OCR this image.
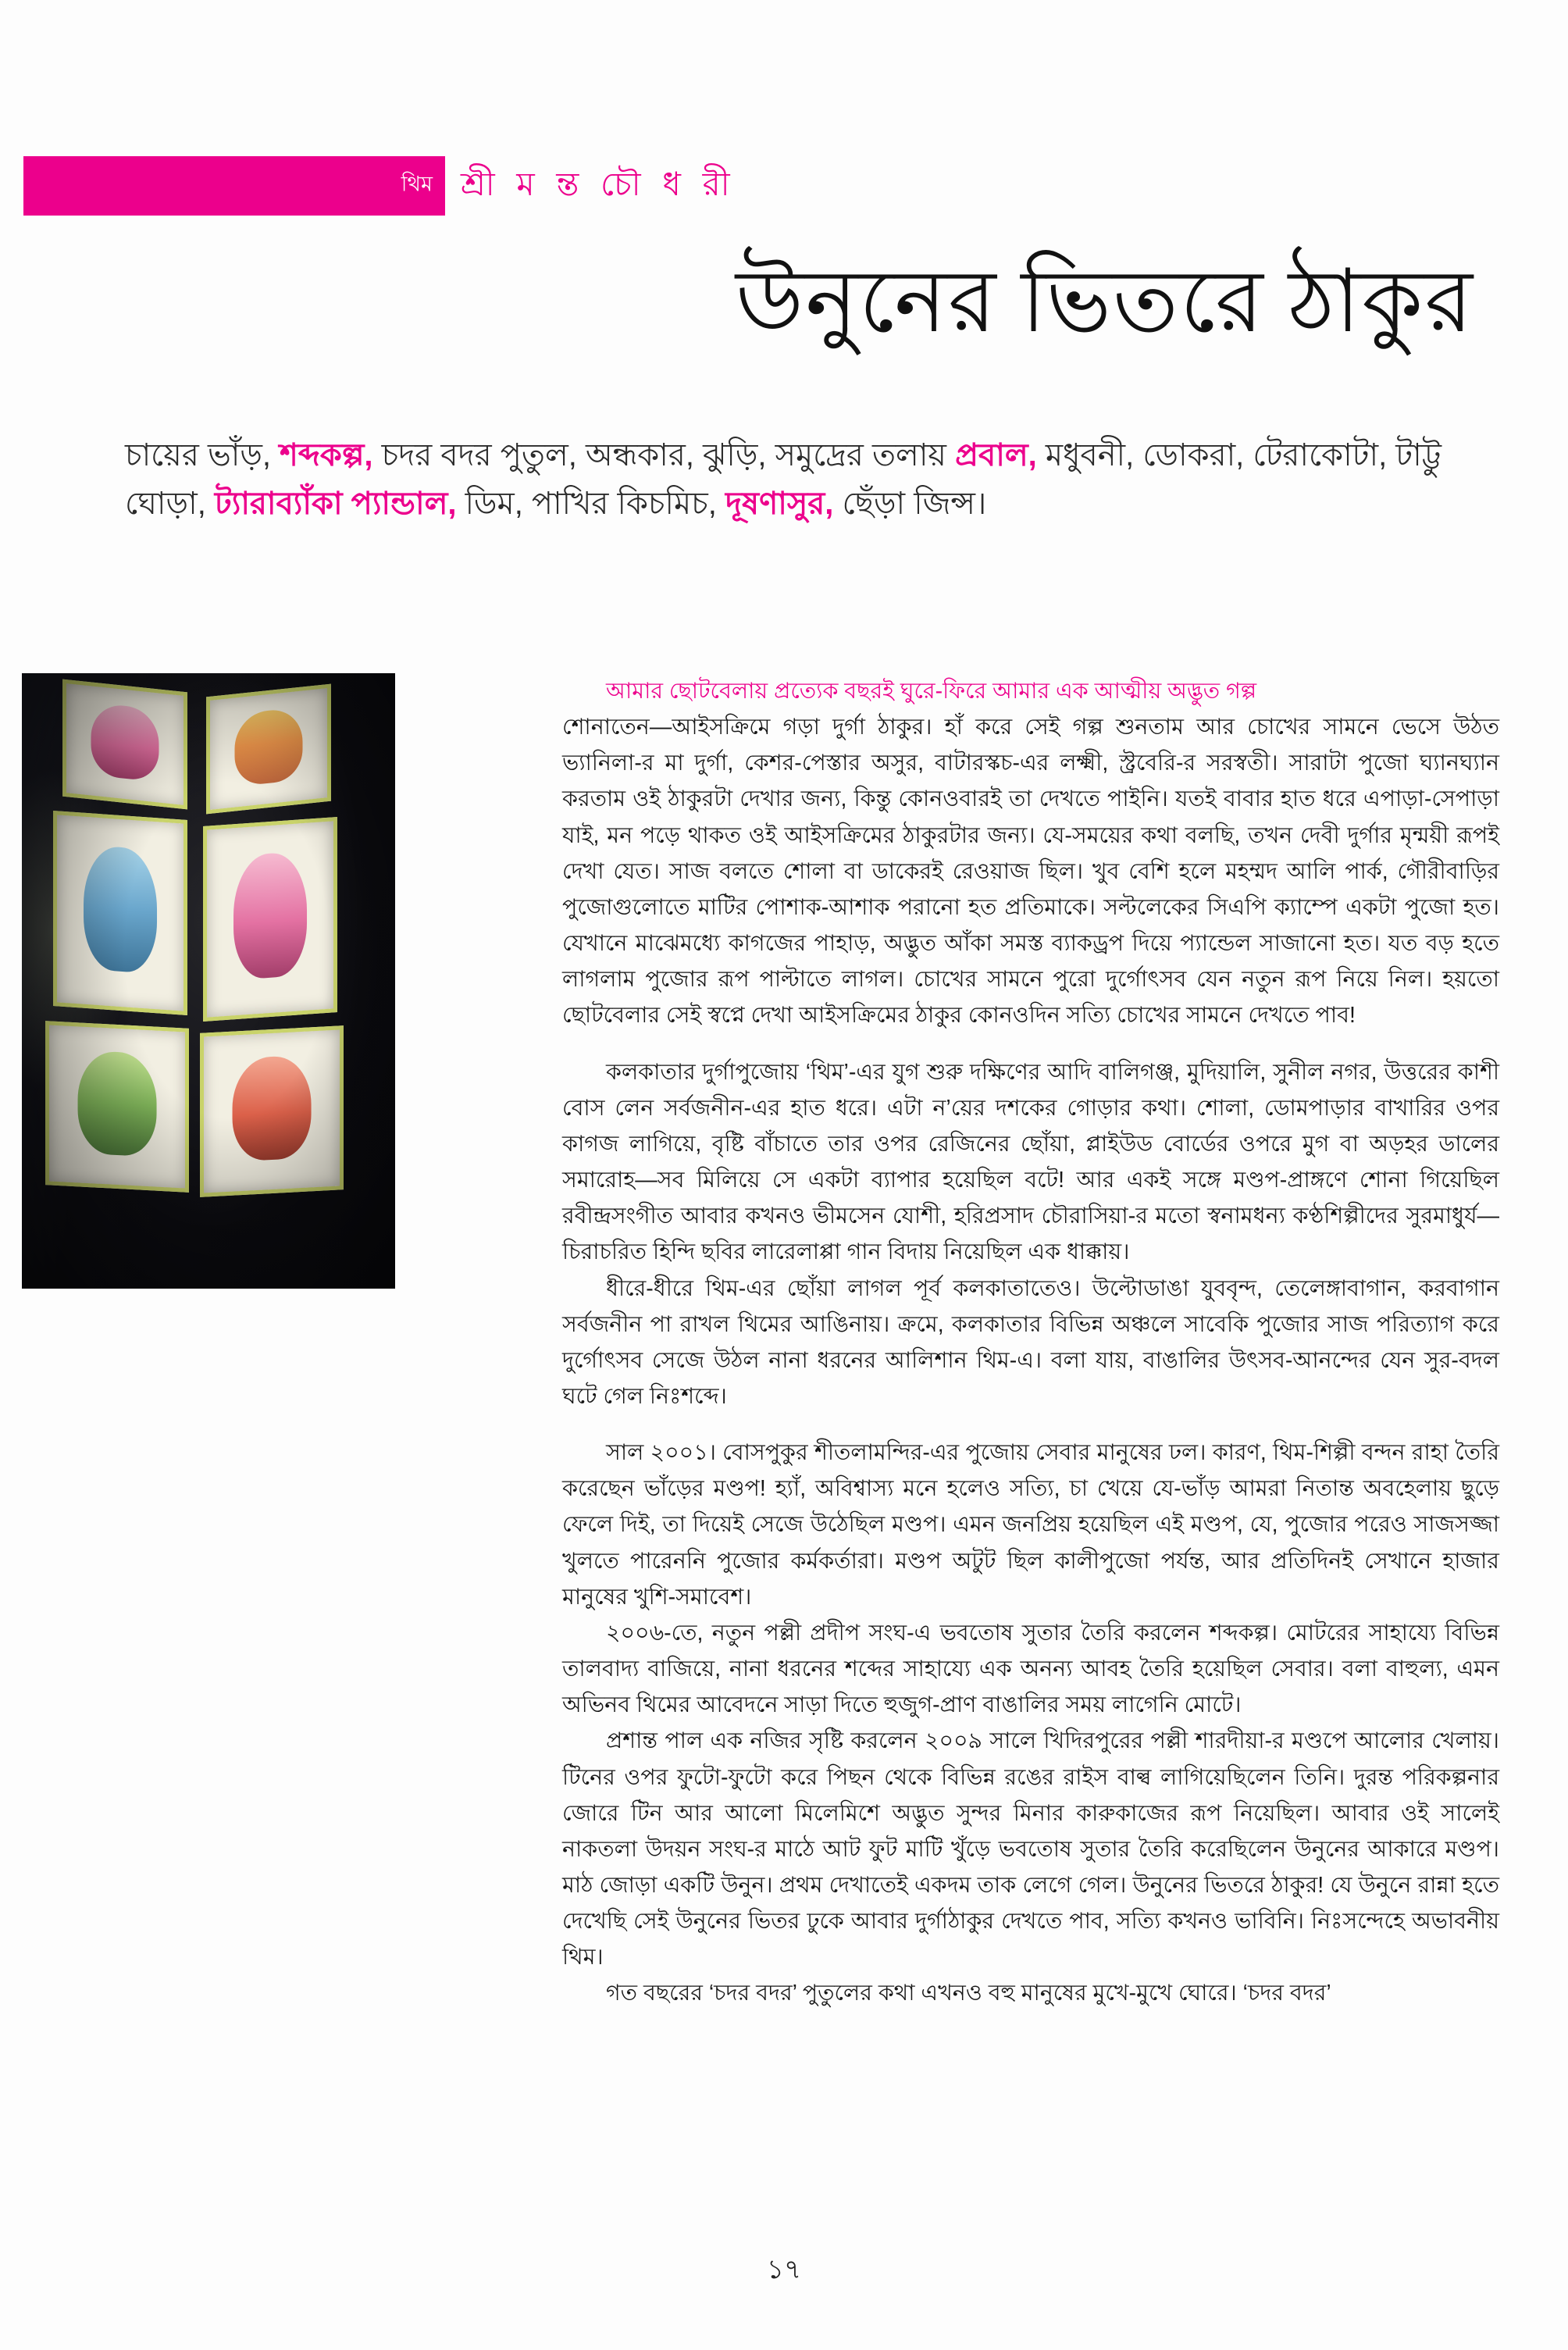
থিম শ্রী ম ন্ত চৌ ধ রী
উনুনের ভিতরে ঠাকুর
চায়ের ভাঁড়, শব্দকল্প, চদর বদর পুতুল, অন্ধকার, ঝুড়ি, সমুদ্রের তলায় প্রবাল, মধুবনী, ডোকরা, টেরাকোটা, টাট্টু ঘোড়া, ট্যারাব্যাঁকা প্যান্ডাল, ডিম, পাখির কিচমিচ, দূষণাসুর, ছেঁড়া জিন্স।
আমার ছোটবেলায় প্রত্যেক বছরই ঘুরে-ফিরে আমার এক আত্মীয় অদ্ভুত গল্প

শোনাতেন—আইসক্রিমে গড়া দুর্গা ঠাকুর। হাঁ করে সেই গল্প শুনতাম আর চোখের সামনে ভেসে উঠত ভ্যানিলা-র মা দুর্গা, কেশর-পেস্তার অসুর, বাটারস্কচ-এর লক্ষ্মী, স্ট্রবেরি-র সরস্বতী। সারাটা পুজো ঘ্যানঘ্যান করতাম ওই ঠাকুরটা দেখার জন্য, কিন্তু কোনওবারই তা দেখতে পাইনি। যতই বাবার হাত ধরে এপাড়া-সেপাড়া যাই, মন পড়ে থাকত ওই আইসক্রিমের ঠাকুরটার জন্য। যে-সময়ের কথা বলছি, তখন দেবী দুর্গার মৃন্ময়ী রূপই দেখা যেত। সাজ বলতে শোলা বা ডাকেরই রেওয়াজ ছিল। খুব বেশি হলে মহম্মদ আলি পার্ক, গৌরীবাড়ির পুজোগুলোতে মাটির পোশাক-আশাক পরানো হত প্রতিমাকে। সল্টলেকের সিএপি ক্যাম্পে একটা পুজো হত। যেখানে মাঝেমধ্যে কাগজের পাহাড়, অদ্ভুত আঁকা সমস্ত ব্যাকড্রপ দিয়ে প্যান্ডেল সাজানো হত। যত বড় হতে লাগলাম পুজোর রূপ পাল্টাতে লাগল। চোখের সামনে পুরো দুর্গোৎসব যেন নতুন রূপ নিয়ে নিল। হয়তো ছোটবেলার সেই স্বপ্নে দেখা আইসক্রিমের ঠাকুর কোনওদিন সত্যি চোখের সামনে দেখতে পাব!

কলকাতার দুর্গাপুজোয় ‘থিম’-এর যুগ শুরু দক্ষিণের আদি বালিগঞ্জ, মুদিয়ালি, সুনীল নগর, উত্তরের কাশী বোস লেন সর্বজনীন-এর হাত ধরে। এটা ন’য়ের দশকের গোড়ার কথা। শোলা, ডোমপাড়ার বাখারির ওপর কাগজ লাগিয়ে, বৃষ্টি বাঁচাতে তার ওপর রেজিনের ছোঁয়া, প্লাইউড বোর্ডের ওপরে মুগ বা অড়হর ডালের সমারোহ—সব মিলিয়ে সে একটা ব্যাপার হয়েছিল বটে! আর একই সঙ্গে মণ্ডপ-প্রাঙ্গণে শোনা গিয়েছিল রবীন্দ্রসংগীত আবার কখনও ভীমসেন যোশী, হরিপ্রসাদ চৌরাসিয়া-র মতো স্বনামধন্য কণ্ঠশিল্পীদের সুরমাধুর্য—চিরাচরিত হিন্দি ছবির লারেলাপ্পা গান বিদায় নিয়েছিল এক ধাক্কায়।

ধীরে-ধীরে থিম-এর ছোঁয়া লাগল পূর্ব কলকাতাতেও। উল্টোডাঙা যুববৃন্দ, তেলেঙ্গাবাগান, করবাগান সর্বজনীন পা রাখল থিমের আঙিনায়। ক্রমে, কলকাতার বিভিন্ন অঞ্চলে সাবেকি পুজোর সাজ পরিত্যাগ করে দুর্গোৎসব সেজে উঠল নানা ধরনের আলিশান থিম-এ। বলা যায়, বাঙালির উৎসব-আনন্দের যেন সুর-বদল ঘটে গেল নিঃশব্দে।

সাল ২০০১। বোসপুকুর শীতলামন্দির-এর পুজোয় সেবার মানুষের ঢল। কারণ, থিম-শিল্পী বন্দন রাহা তৈরি করেছেন ভাঁড়ের মণ্ডপ! হ্যাঁ, অবিশ্বাস্য মনে হলেও সত্যি, চা খেয়ে যে-ভাঁড় আমরা নিতান্ত অবহেলায় ছুড়ে ফেলে দিই, তা দিয়েই সেজে উঠেছিল মণ্ডপ। এমন জনপ্রিয় হয়েছিল এই মণ্ডপ, যে, পুজোর পরেও সাজসজ্জা খুলতে পারেননি পুজোর কর্মকর্তারা। মণ্ডপ অটুট ছিল কালীপুজো পর্যন্ত, আর প্রতিদিনই সেখানে হাজার মানুষের খুশি-সমাবেশ।

২০০৬-তে, নতুন পল্লী প্রদীপ সংঘ-এ ভবতোষ সুতার তৈরি করলেন শব্দকল্প। মোটরের সাহায্যে বিভিন্ন তালবাদ্য বাজিয়ে, নানা ধরনের শব্দের সাহায্যে এক অনন্য আবহ তৈরি হয়েছিল সেবার। বলা বাহুল্য, এমন অভিনব থিমের আবেদনে সাড়া দিতে হুজুগ-প্রাণ বাঙালির সময় লাগেনি মোটে।

প্রশান্ত পাল এক নজির সৃষ্টি করলেন ২০০৯ সালে খিদিরপুরের পল্লী শারদীয়া-র মণ্ডপে আলোর খেলায়। টিনের ওপর ফুটো-ফুটো করে পিছন থেকে বিভিন্ন রঙের রাইস বাল্ব লাগিয়েছিলেন তিনি। দুরন্ত পরিকল্পনার জোরে টিন আর আলো মিলেমিশে অদ্ভুত সুন্দর মিনার কারুকাজের রূপ নিয়েছিল। আবার ওই সালেই নাকতলা উদয়ন সংঘ-র মাঠে আট ফুট মাটি খুঁড়ে ভবতোষ সুতার তৈরি করেছিলেন উনুনের আকারে মণ্ডপ। মাঠ জোড়া একটি উনুন। প্রথম দেখাতেই একদম তাক লেগে গেল। উনুনের ভিতরে ঠাকুর! যে উনুনে রান্না হতে দেখেছি সেই উনুনের ভিতর ঢুকে আবার দুর্গাঠাকুর দেখতে পাব, সত্যি কখনও ভাবিনি। নিঃসন্দেহে অভাবনীয় থিম।

গত বছরের ‘চদর বদর’ পুতুলের কথা এখনও বহু মানুষের মুখে-মুখে ঘোরে। ‘চদর বদর’

১৭
